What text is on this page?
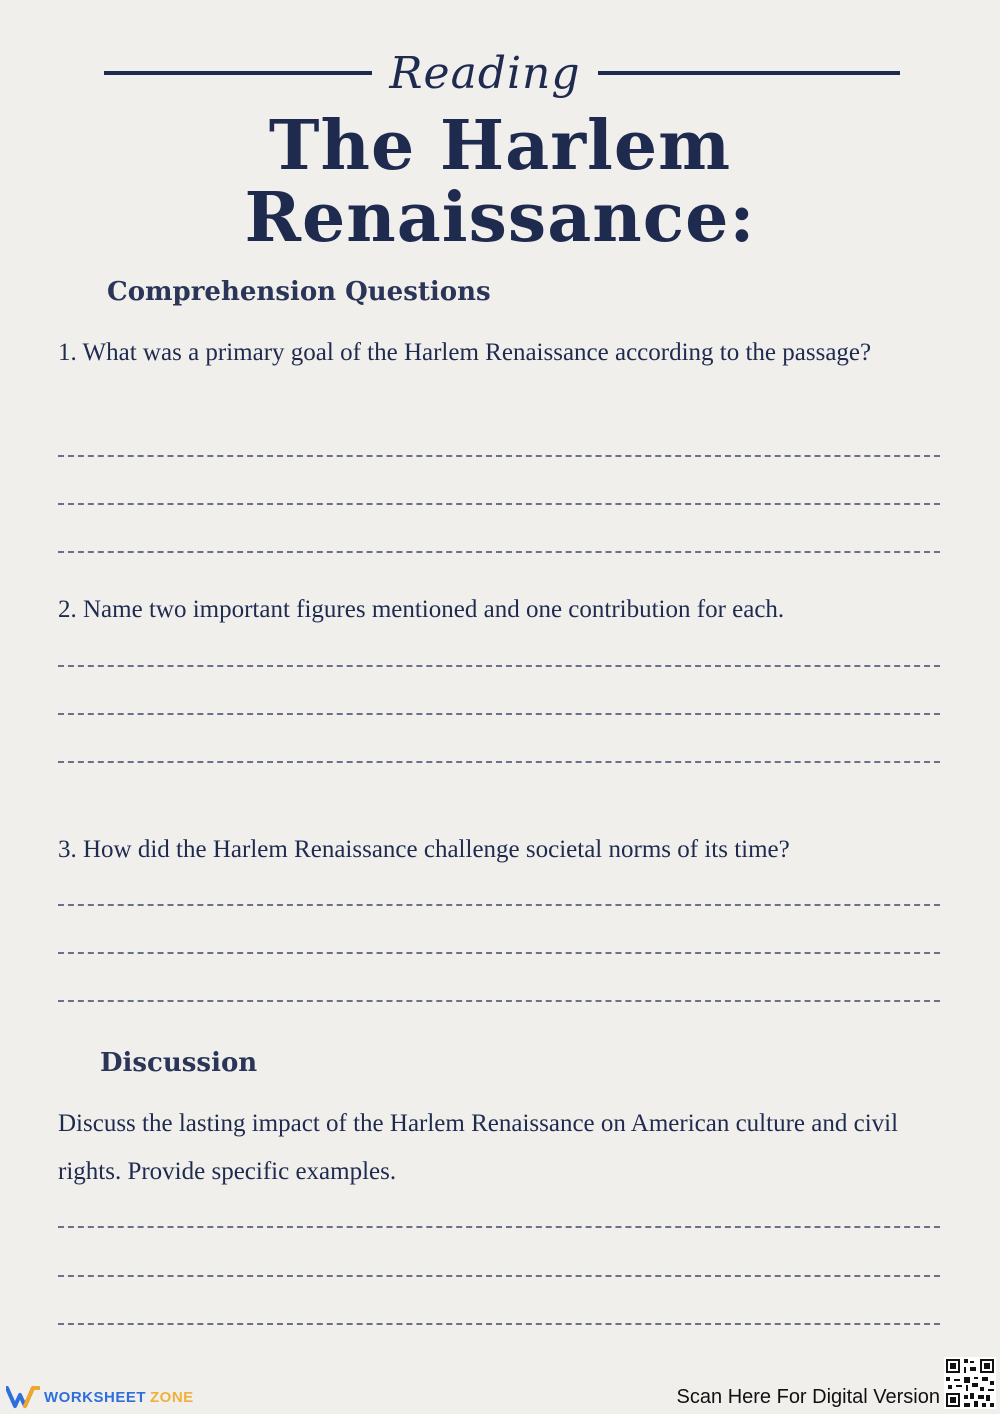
Reading
The Harlem
Renaissance:
Comprehension Questions
1. What was a primary goal of the Harlem Renaissance according to the passage?
2. Name two important figures mentioned and one contribution for each.
3. How did the Harlem Renaissance challenge societal norms of its time?
Discussion
Discuss the lasting impact of the Harlem Renaissance on American culture and civil rights. Provide specific examples.
WORKSHEET ZONE	Scan Here For Digital Version
